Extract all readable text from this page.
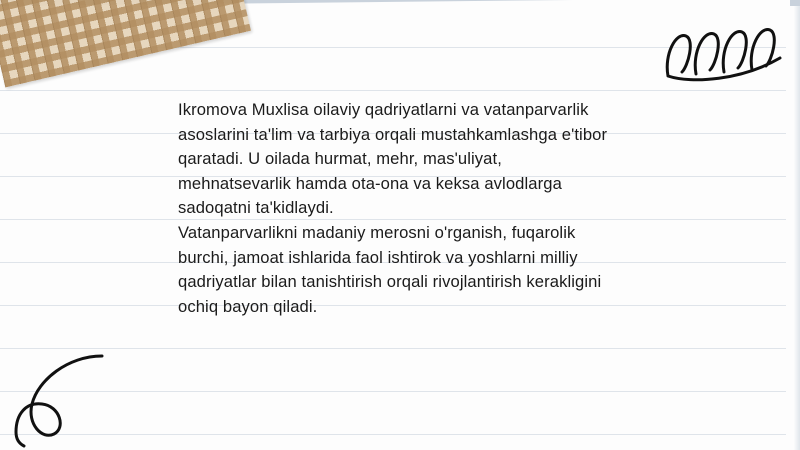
Ikromova Muxlisa oilaviy qadriyatlarni va vatanparvarlik asoslarini ta'lim va tarbiya orqali mustahkamlashga e'tibor qaratadi. U oilada hurmat, mehr, mas'uliyat, mehnatsevarlik hamda ota-ona va keksa avlodlarga sadoqatni ta'kidlaydi.

Vatanparvarlikni madaniy merosni o'rganish, fuqarolik burchi, jamoat ishlarida faol ishtirok va yoshlarni milliy qadriyatlar bilan tanishtirish orqali rivojlantirish kerakligini ochiq bayon qiladi.
